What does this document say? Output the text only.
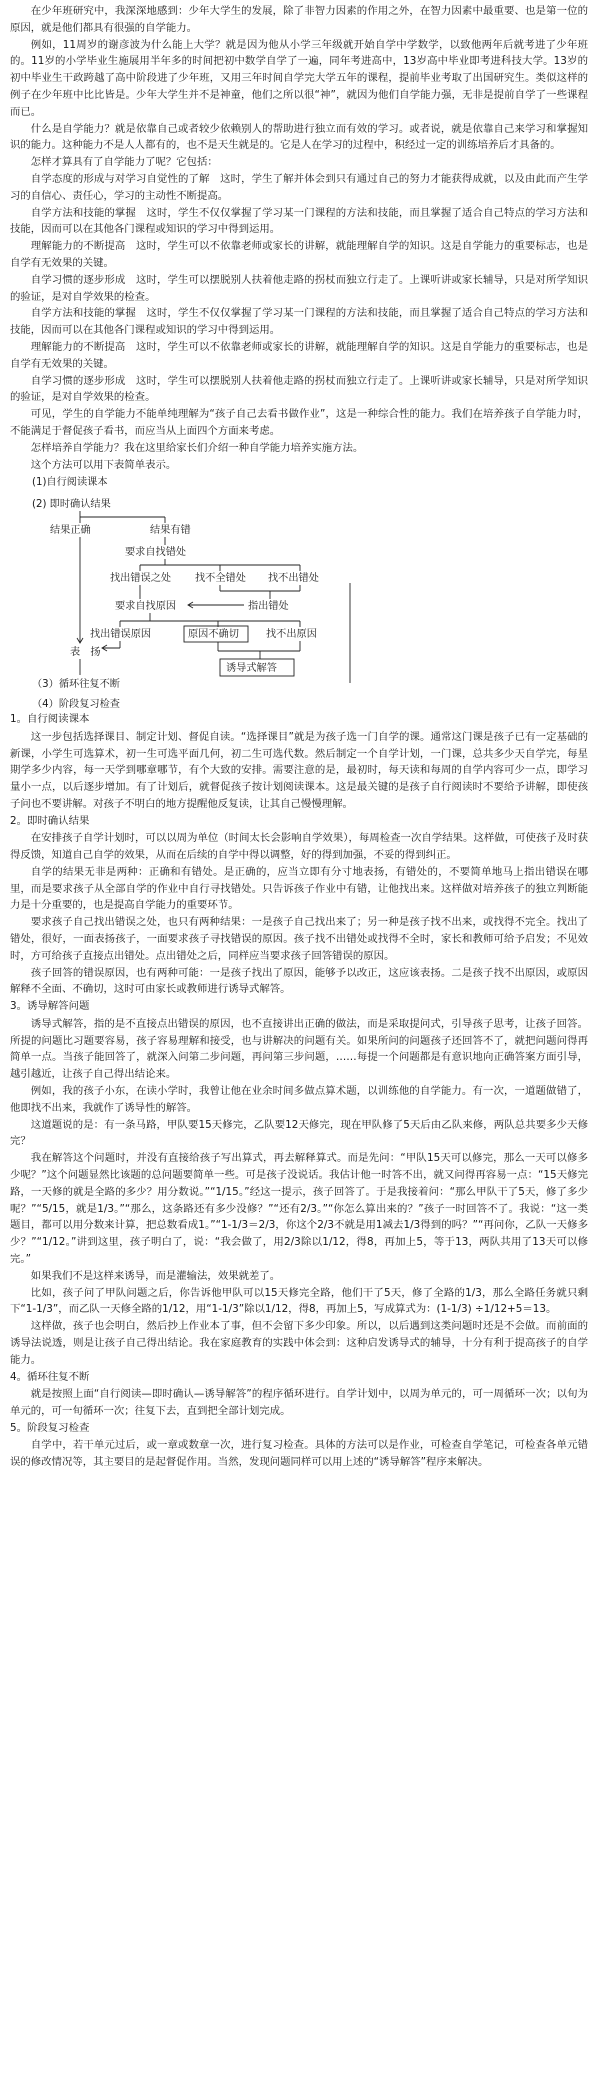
在少年班研究中，我深深地感到：少年大学生的发展，除了非智力因素的作用之外，在智力因素中最重要、也是第一位的原因，就是他们都具有很强的自学能力。

例如，11周岁的谢彦波为什么能上大学？就是因为他从小学三年级就开始自学中学数学，以致他两年后就考进了少年班的。11岁的小学毕业生施展用半年多的时间把初中数学自学了一遍，同年考进高中，13岁高中毕业即考进科技大学。13岁的初中毕业生干政跨越了高中阶段进了少年班，又用三年时间自学完大学五年的课程，提前毕业考取了出国研究生。类似这样的例子在少年班中比比皆是。少年大学生并不是神童，他们之所以很“神”，就因为他们自学能力强，无非是提前自学了一些课程而已。

什么是自学能力？就是依靠自己或者较少依赖别人的帮助进行独立而有效的学习。或者说，就是依靠自己来学习和掌握知识的能力。这种能力不是人人都有的，也不是天生就是的。它是人在学习的过程中，积经过一定的训练培养后才具备的。

怎样才算具有了自学能力了呢？它包括：

自学态度的形成与对学习自觉性的了解　这时，学生了解并体会到只有通过自己的努力才能获得成就，以及由此而产生学习的自信心、责任心，学习的主动性不断提高。

自学方法和技能的掌握　这时，学生不仅仅掌握了学习某一门课程的方法和技能，而且掌握了适合自己特点的学习方法和技能，因而可以在其他各门课程或知识的学习中得到运用。

理解能力的不断提高　这时，学生可以不依靠老师或家长的讲解，就能理解自学的知识。这是自学能力的重要标志，也是自学有无效果的关键。

自学习惯的逐步形成　这时，学生可以摆脱别人扶着他走路的拐杖而独立行走了。上课听讲或家长辅导，只是对所学知识的验证，是对自学效果的检查。

自学方法和技能的掌握　这时，学生不仅仅掌握了学习某一门课程的方法和技能，而且掌握了适合自己特点的学习方法和技能，因而可以在其他各门课程或知识的学习中得到运用。

理解能力的不断提高　这时，学生可以不依靠老师或家长的讲解，就能理解自学的知识。这是自学能力的重要标志，也是自学有无效果的关键。

自学习惯的逐步形成　这时，学生可以摆脱别人扶着他走路的拐杖而独立行走了。上课听讲或家长辅导，只是对所学知识的验证，是对自学效果的检查。

可见，学生的自学能力不能单纯理解为“孩子自己去看书做作业”，这是一种综合性的能力。我们在培养孩子自学能力时，不能满足于督促孩子看书，而应当从上面四个方面来考虑。

怎样培养自学能力？我在这里给家长们介绍一种自学能力培养实施方法。

这个方法可以用下表简单表示。

(1)自行阅读课本
(2) 即时确认结果
结果正确	结果有错
要求自找错处
找出错误之处 找不全错处 找不出错处
要求自找原因	指出错处
找出错误原因	原因不确切	找不出原因
表　扬
诱导式解答
（3）循环往复不断
（4）阶段复习检查

1。自行阅读课本

这一步包括选择课目、制定计划、督促自读。“选择课目”就是为孩子选一门自学的课。通常这门课是孩子已有一定基础的新课，小学生可选算术，初一生可选平面几何，初二生可选代数。然后制定一个自学计划，一门课，总共多少天自学完，每星期学多少内容，每一天学到哪章哪节，有个大致的安排。需要注意的是，最初时，每天读和每周的自学内容可少一点，即学习量小一点，以后逐步增加。有了计划后，就督促孩子按计划阅读课本。这是最关键的是孩子自行阅读时不要给予讲解，即使孩子问也不要讲解。对孩子不明白的地方提醒他反复读，让其自己慢慢理解。

2。即时确认结果

在安排孩子自学计划时，可以以周为单位（时间太长会影响自学效果），每周检查一次自学结果。这样做，可使孩子及时获得反馈，知道自己自学的效果，从而在后续的自学中得以调整，好的得到加强，不妥的得到纠正。

自学的结果无非是两种：正确和有错处。是正确的，应当立即有分寸地表扬，有错处的，不要简单地马上指出错误在哪里，而是要求孩子从全部自学的作业中自行寻找错处。只告诉孩子作业中有错，让他找出来。这样做对培养孩子的独立判断能力是十分重要的，也是提高自学能力的重要环节。

要求孩子自己找出错误之处，也只有两种结果：一是孩子自己找出来了；另一种是孩子找不出来，或找得不完全。找出了错处，很好，一面表扬孩子，一面要求孩子寻找错误的原因。孩子找不出错处或找得不全时，家长和教师可给予启发；不见效时，方可给孩子直接点出错处。点出错处之后，同样应当要求孩子回答错误的原因。

孩子回答的错误原因，也有两种可能：一是孩子找出了原因，能够予以改正，这应该表扬。二是孩子找不出原因，或原因解释不全面、不确切，这时可由家长或教师进行诱导式解答。

3。诱导解答问题

诱导式解答，指的是不直接点出错误的原因，也不直接讲出正确的做法，而是采取提问式，引导孩子思考，让孩子回答。所提的问题比习题要容易，孩子容易理解和接受，也与讲解决的问题有关。如果所问的问题孩子还回答不了，就把问题问得再简单一点。当孩子能回答了，就深入问第二步问题，再问第三步问题，……每提一个问题都是有意识地向正确答案方面引导，越引越近，让孩子自己得出结论来。

例如，我的孩子小东，在读小学时，我曾让他在业余时间多做点算术题，以训练他的自学能力。有一次，一道题做错了，他即找不出来，我就作了诱导性的解答。

这道题说的是：有一条马路，甲队要15天修完，乙队要12天修完，现在甲队修了5天后由乙队来修，两队总共要多少天修完？

我在解答这个问题时，并没有直接给孩子写出算式，再去解释算式。而是先问：“甲队15天可以修完，那么一天可以修多少呢？”这个问题显然比该题的总问题要简单一些。可是孩子没说话。我估计他一时答不出，就又问得再容易一点：“15天修完路，一天修的就是全路的多少？用分数说。”“1/15。”经这一提示，孩子回答了。于是我接着问：“那么甲队干了5天，修了多少呢？”“5/15，就是1/3。”“那么，这条路还有多少没修？”“还有2/3。”“你怎么算出来的？”孩子一时回答不了。我说：“这一类题目，都可以用分数来计算，把总数看成1。”“1-1/3＝2/3，你这个2/3不就是用1减去1/3得到的吗？”“再问你，乙队一天修多少？”“1/12。”讲到这里，孩子明白了，说：“我会做了，用2/3除以1/12，得8，再加上5，等于13，两队共用了13天可以修完。”

如果我们不是这样来诱导，而是灌输法，效果就差了。

比如，孩子问了甲队问题之后，你告诉他甲队可以15天修完全路，他们干了5天，修了全路的1/3，那么全路任务就只剩下“1-1/3”，而乙队一天修全路的1/12，用“1-1/3”除以1/12，得8，再加上5，写成算式为：(1-1/3) ÷1/12+5＝13。

这样做，孩子也会明白，然后抄上作业本了事，但不会留下多少印象。所以，以后遇到这类问题时还是不会做。而前面的诱导法说透，则是让孩子自己得出结论。我在家庭教育的实践中体会到：这种启发诱导式的辅导，十分有利于提高孩子的自学能力。

4。循环往复不断

就是按照上面“自行阅读—即时确认—诱导解答”的程序循环进行。自学计划中，以周为单元的，可一周循环一次；以旬为单元的，可一旬循环一次；往复下去，直到把全部计划完成。

5。阶段复习检查

自学中，若干单元过后，或一章或数章一次，进行复习检查。具体的方法可以是作业，可检查自学笔记，可检查各单元错误的修改情况等，其主要目的是起督促作用。当然，发现问题同样可以用上述的“诱导解答”程序来解决。
